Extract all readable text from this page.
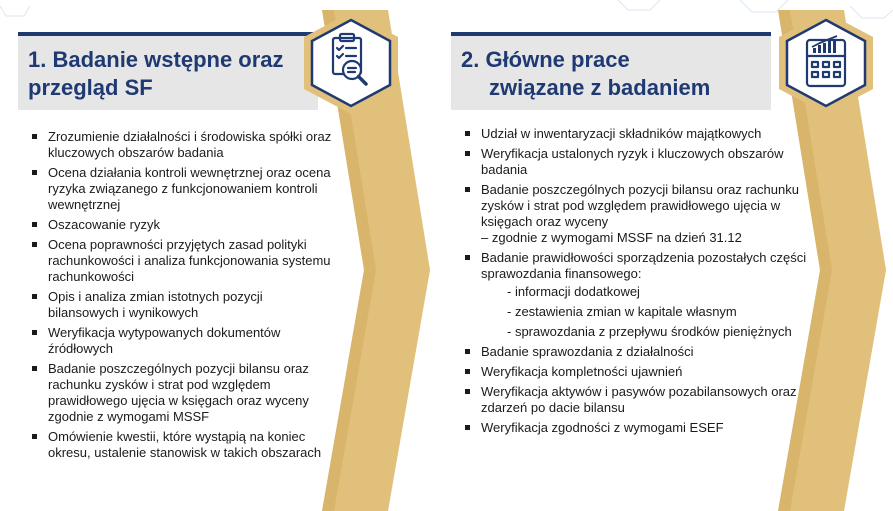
1. Badanie wstępne oraz przegląd SF
Zrozumienie działalności i środowiska spółki oraz kluczowych obszarów badania
Ocena działania kontroli wewnętrznej oraz ocena ryzyka związanego z funkcjonowaniem kontroli wewnętrznej
Oszacowanie ryzyk
Ocena poprawności przyjętych zasad polityki rachunkowości i analiza funkcjonowania systemu rachunkowości
Opis i analiza zmian istotnych pozycji bilansowych i wynikowych
Weryfikacja wytypowanych dokumentów źródłowych
Badanie poszczególnych pozycji bilansu oraz rachunku zysków i strat pod względem prawidłowego ujęcia w księgach oraz wyceny zgodnie z wymogami MSSF
Omówienie kwestii, które wystąpią na koniec okresu, ustalenie stanowisk w takich obszarach
2. Główne prace
związane z badaniem
Udział w inwentaryzacji składników majątkowych
Weryfikacja ustalonych ryzyk i kluczowych obszarów badania
Badanie poszczególnych pozycji bilansu oraz rachunku zysków i strat pod względem prawidłowego ujęcia w księgach oraz wyceny
– zgodnie z wymogami MSSF na dzień 31.12
Badanie prawidłowości sporządzenia pozostałych części sprawozdania finansowego:
- informacji dodatkowej
- zestawienia zmian w kapitale własnym
- sprawozdania z przepływu środków pieniężnych
Badanie sprawozdania z działalności
Weryfikacja kompletności ujawnień
Weryfikacja aktywów i pasywów pozabilansowych oraz zdarzeń po dacie bilansu
Weryfikacja zgodności z wymogami ESEF
